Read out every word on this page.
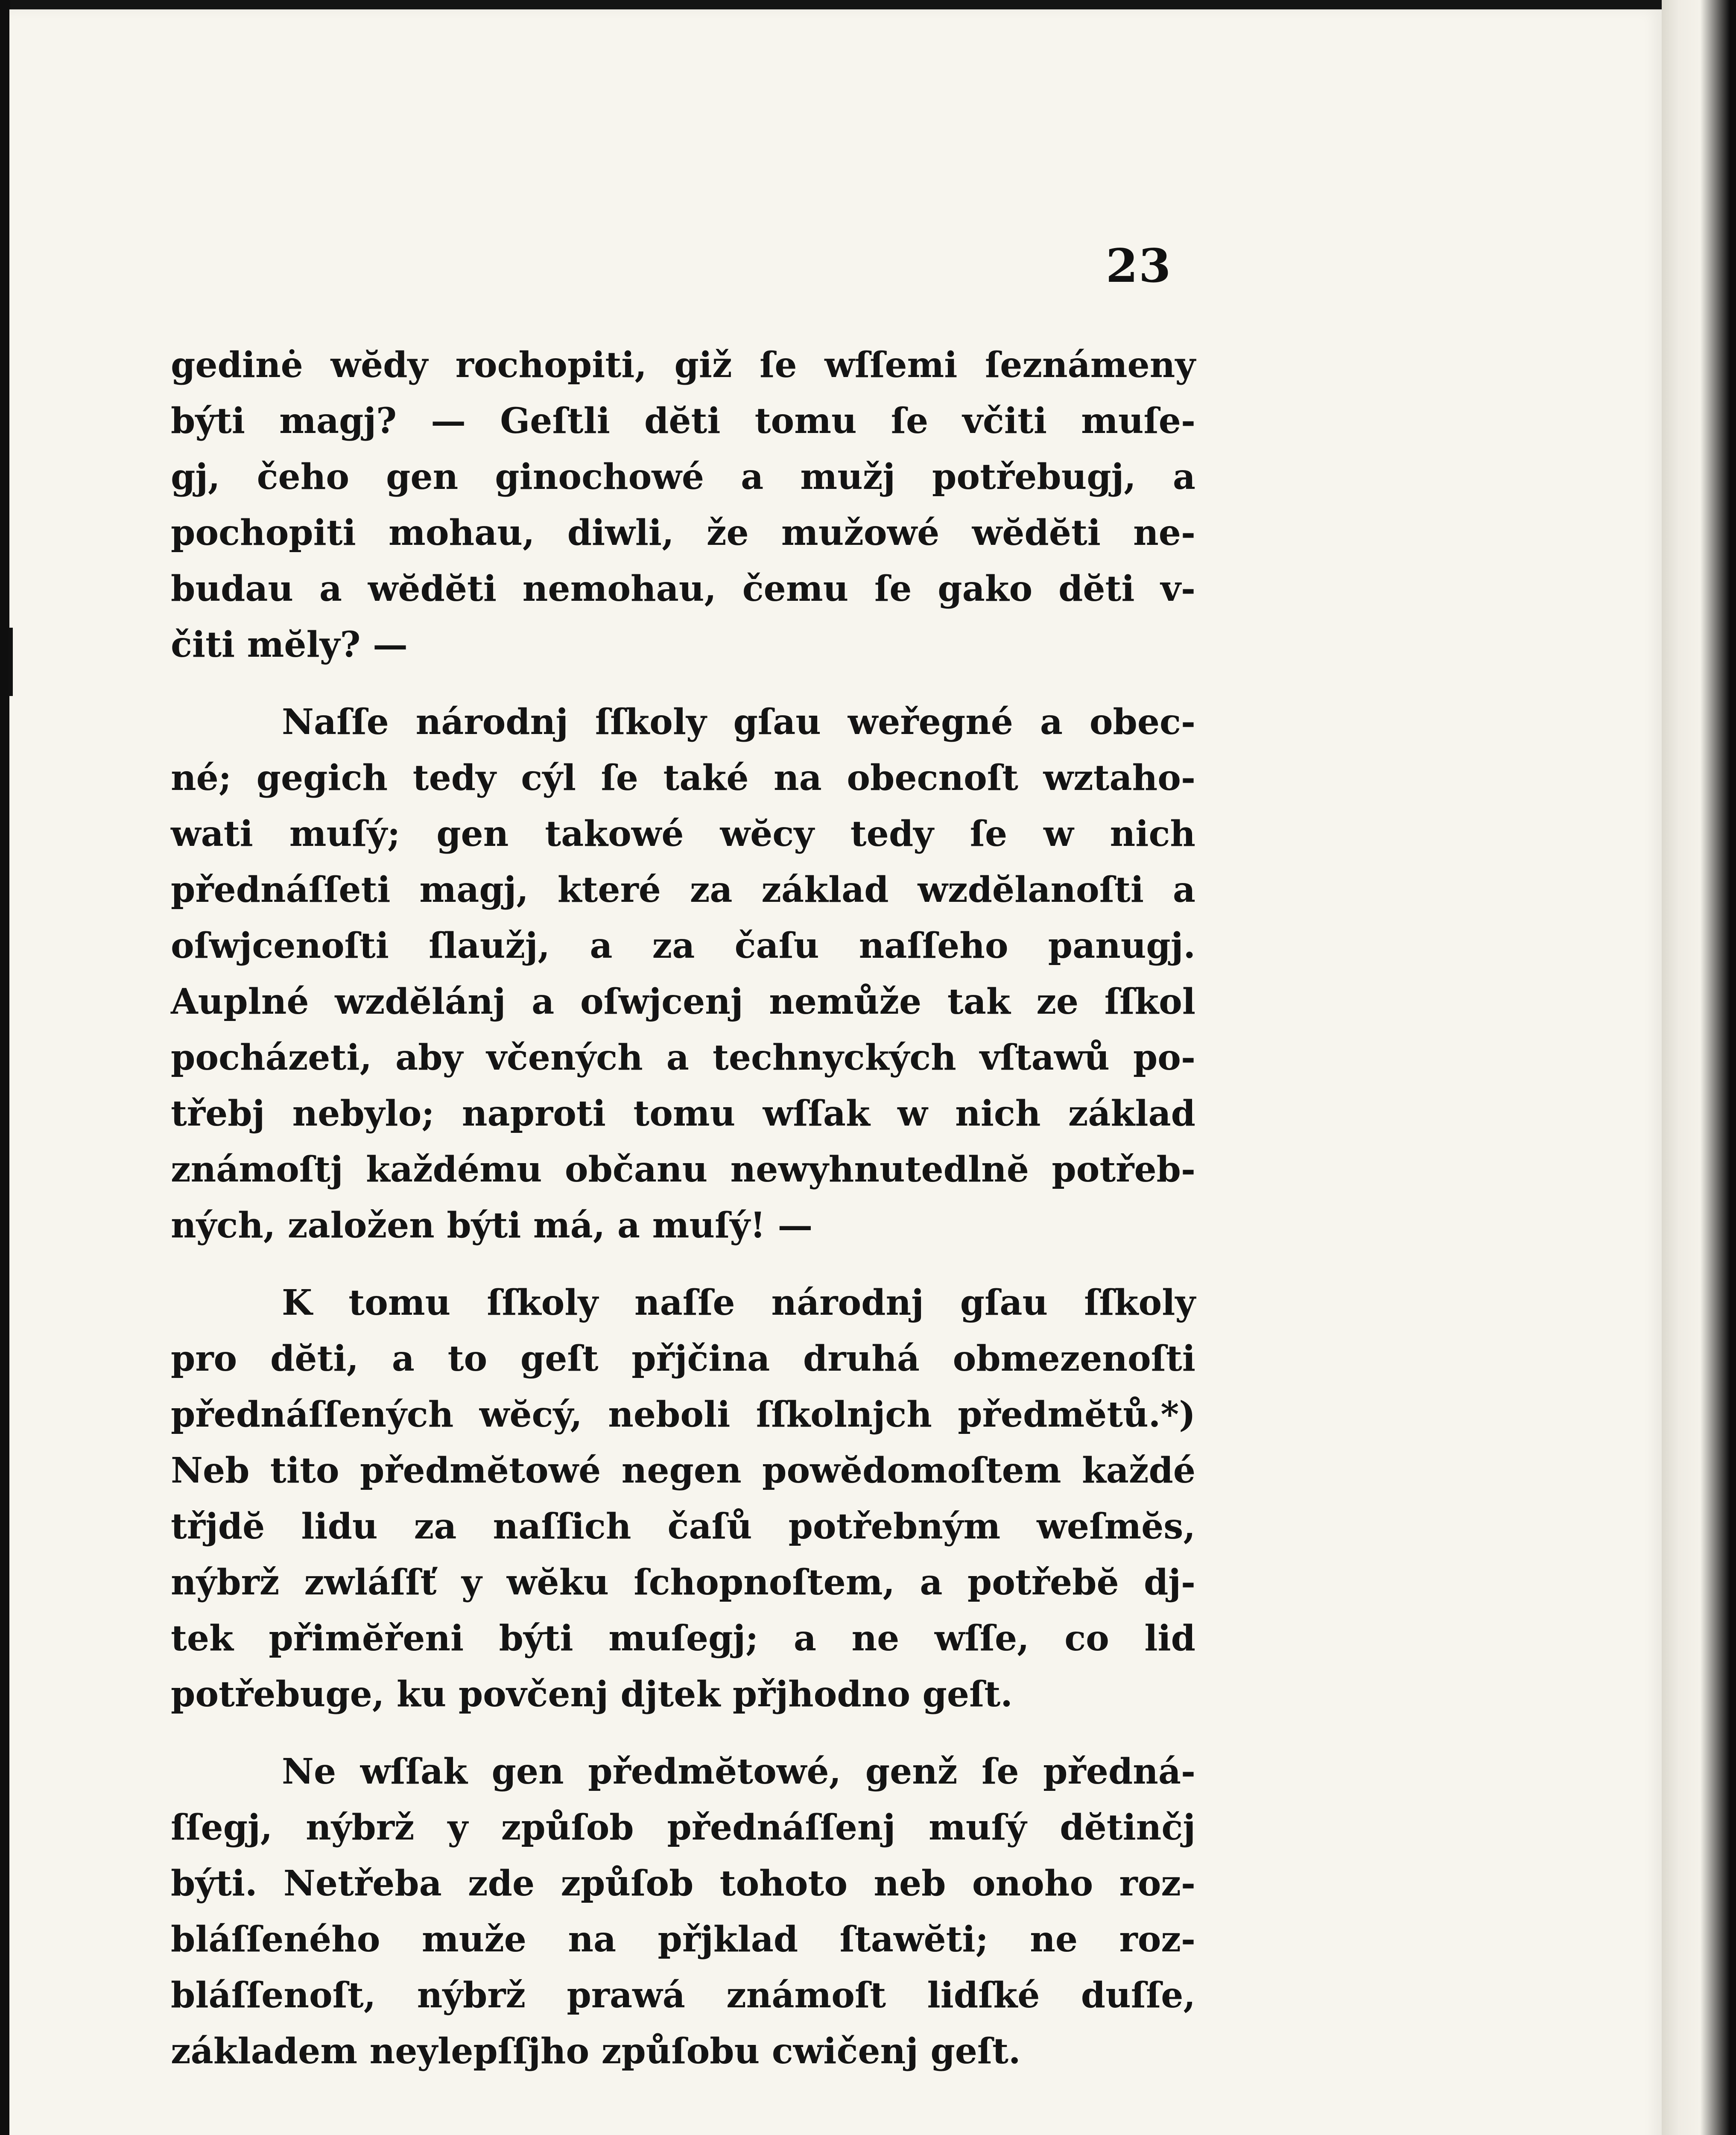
23
gedinė wĕdy rochopiti, giž ſe wſſemi ſeznámeny
býti magj? — Geſtli dĕti tomu ſe včiti muſe-
gj, čeho gen ginochowé a mužj potřebugj, a
pochopiti mohau, diwli, že mužowé wĕdĕti ne-
budau a wĕdĕti nemohau, čemu ſe gako dĕti v-
čiti mĕly? —
Naſſe národnj ſſkoly gſau weřegné a obec-
né; gegich tedy cýl ſe také na obecnoſt wztaho-
wati muſý; gen takowé wĕcy tedy ſe w nich
přednáſſeti magj, které za základ wzdĕlanoſti a
oſwjcenoſti ſlaužj, a za čaſu naſſeho panugj.
Auplné wzdĕlánj a oſwjcenj nemůže tak ze ſſkol
pocházeti, aby včených a technyckých vſtawů po-
třebj nebylo; naproti tomu wſſak w nich základ
známoſtj každému občanu newyhnutedlnĕ potřeb-
ných, založen býti má, a muſý! —
K tomu ſſkoly naſſe národnj gſau ſſkoly
pro dĕti, a to geſt přjčina druhá obmezenoſti
přednáſſených wĕcý, neboli ſſkolnjch předmĕtů.*)
Neb tito předmĕtowé negen powĕdomoſtem každé
třjdĕ lidu za naſſich čaſů potřebným weſmĕs,
nýbrž zwláſſť y wĕku ſchopnoſtem, a potřebĕ dj-
tek přimĕřeni býti muſegj; a ne wſſe, co lid
potřebuge, ku povčenj djtek přjhodno geſt.
Ne wſſak gen předmĕtowé, genž ſe předná-
ſſegj, nýbrž y způſob přednáſſenj muſý dĕtinčj
býti. Netřeba zde způſob tohoto neb onoho roz-
bláſſeného muže na přjklad ſtawĕti; ne roz-
bláſſenoſt, nýbrž prawá známoſt lidſké duſſe,
základem neylepſſjho způſobu cwičenj geſt.
